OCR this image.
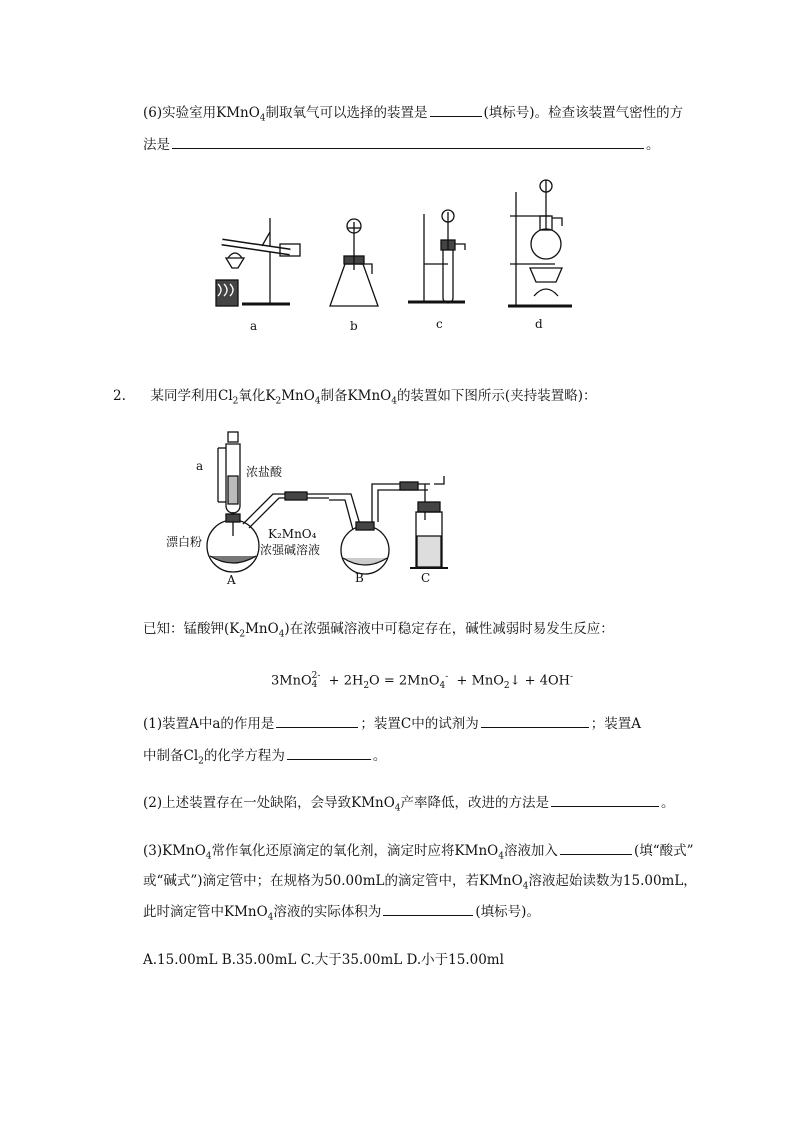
(6)实验室用KMnO$_4$制取氧气可以选择的装置是	(填标号)。检查该装置气密性的方
法是	。
a	b	c	d
2. 某同学利用$Cl_2$氧化$K_2MnO_4$制备KMnO$_4$的装置如下图所示(夹持装置略)：
a	浓盐酸
漂白粉
K₂MnO₄
浓强碱溶液
A	B	C
已知：锰酸钾$(K_2MnO_4)$在浓强碱溶液中可稳定存在，碱性减弱时易发生反应：
3MnO 2-
$4 + 2H_2O = 2MnO_4^-$  + MnO$_2$↓ + 4OH-
(1)装置A中a的作用是	；装置C中的试剂为	；装置A
中制备$Cl_2$的化学方程为	。
(2)上述装置存在一处缺陷，会导致KMnO$_4$产率降低，改进的方法是	。
(3)KMnO$_4$常作氧化还原滴定的氧化剂，滴定时应将KMnO$_4$溶液加入	(填“酸式”
或“碱式”)滴定管中；在规格为50.00mL的滴定管中，若KMnO$_4$溶液起始读数为15.00mL，
此时滴定管中KMnO$_4$溶液的实际体积为	(填标号)。
A.15.00mL B.35.00mL C.大于35.00mL D.小于15.00ml
